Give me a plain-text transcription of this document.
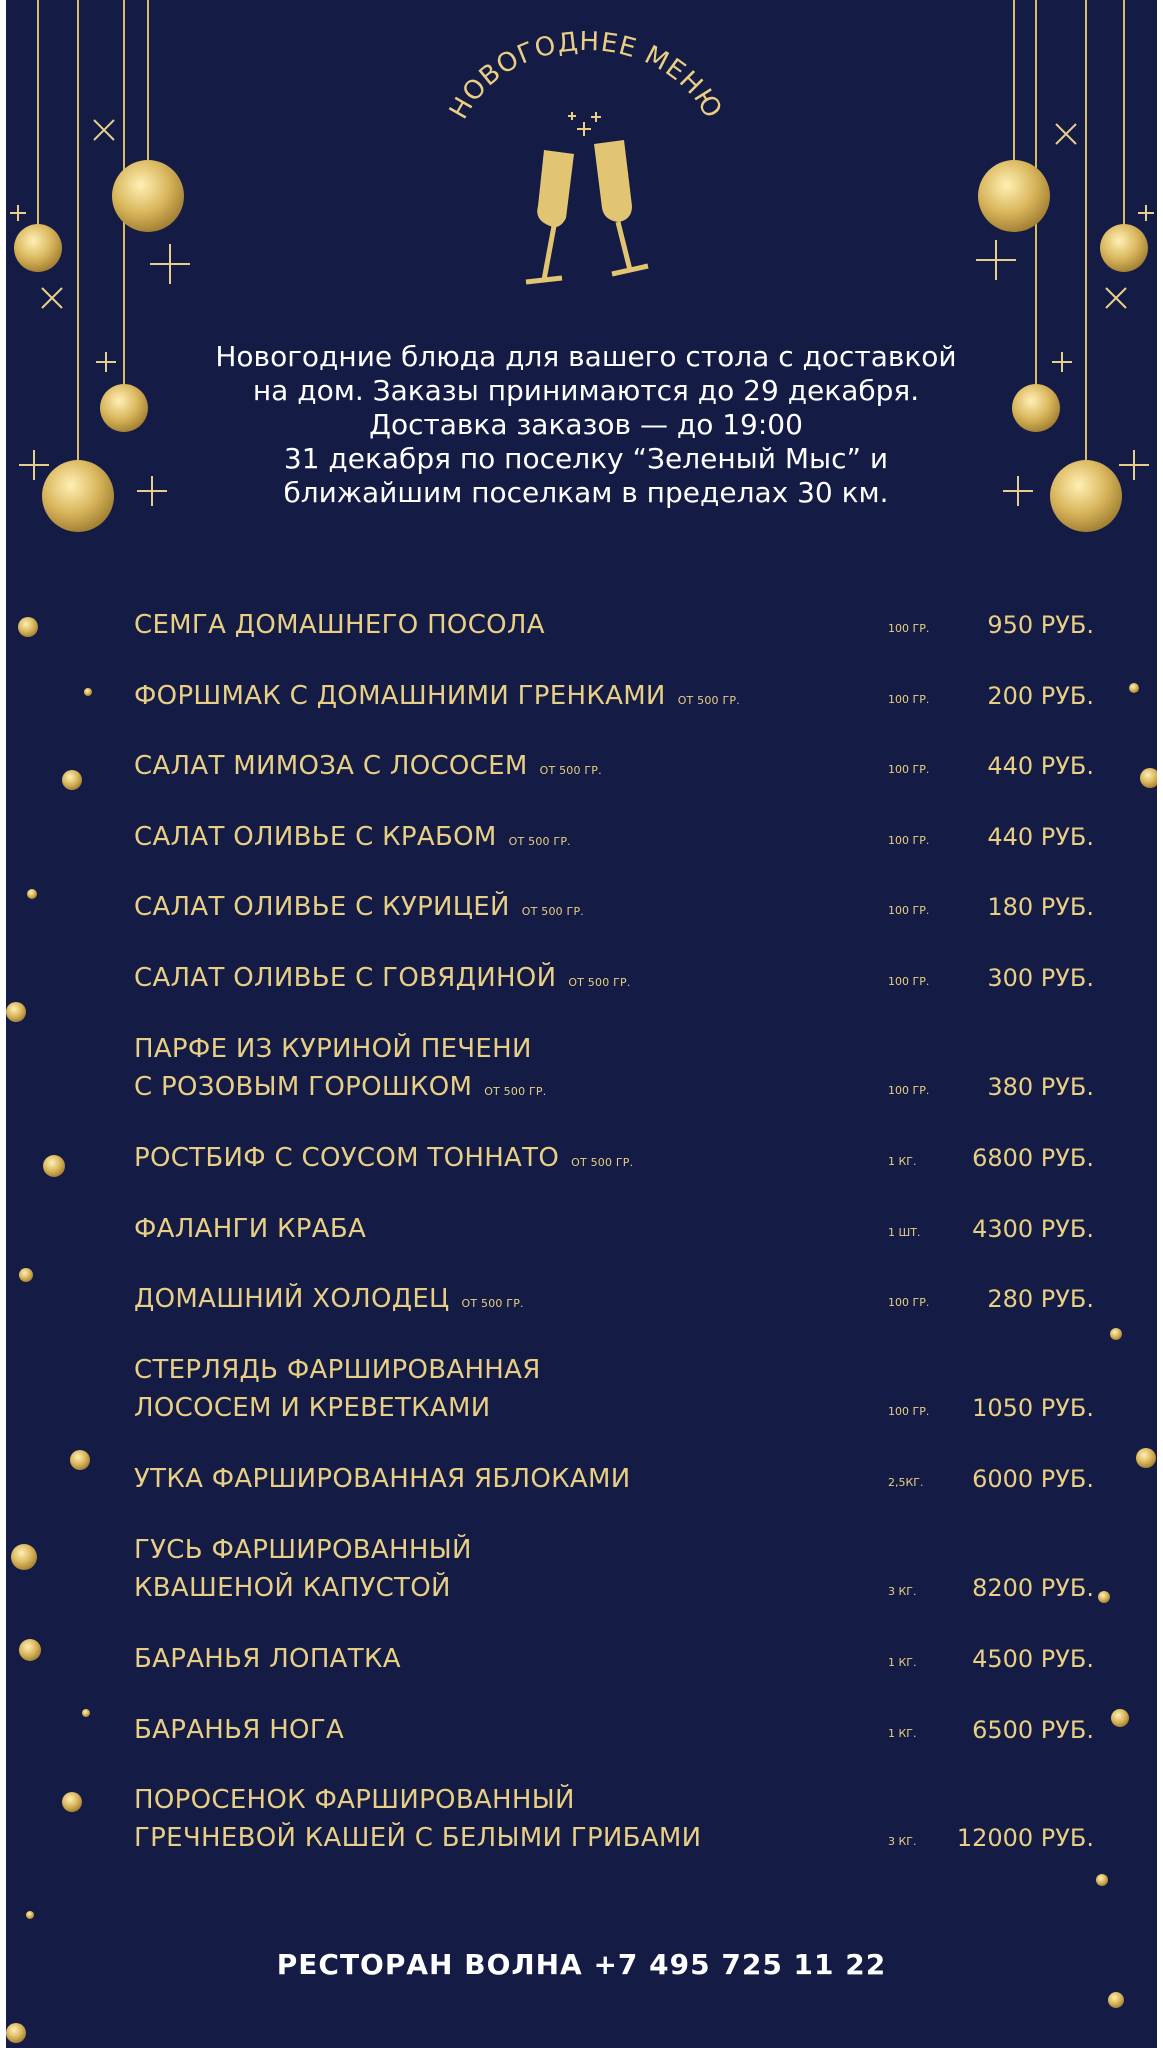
НОВОГОДНЕЕ МЕНЮ
Новогодние блюда для вашего стола с доставкой
на дом. Заказы принимаются до 29 декабря.
Доставка заказов — до 19:00
31 декабря по поселку “Зеленый Мыс” и
ближайшим поселкам в пределах 30 км.
СЕМГА ДОМАШНЕГО ПОСОЛА	100 ГР. 950 РУБ.
ФОРШМАК С ДОМАШНИМИ ГРЕНКАМИ ОТ 500 ГР.	100 ГР. 200 РУБ.
САЛАТ МИМОЗА С ЛОСОСЕМ ОТ 500 ГР.	100 ГР. 440 РУБ.
САЛАТ ОЛИВЬЕ С КРАБОМ ОТ 500 ГР.	100 ГР. 440 РУБ.
САЛАТ ОЛИВЬЕ С КУРИЦЕЙ ОТ 500 ГР.	100 ГР. 180 РУБ.
САЛАТ ОЛИВЬЕ С ГОВЯДИНОЙ ОТ 500 ГР.	100 ГР. 300 РУБ.
ПАРФЕ ИЗ КУРИНОЙ ПЕЧЕНИ
С РОЗОВЫМ ГОРОШКОМ ОТ 500 ГР.	100 ГР. 380 РУБ.
РОСТБИФ С СОУСОМ ТОННАТО ОТ 500 ГР.	1 КГ. 6800 РУБ.
ФАЛАНГИ КРАБА	1 ШТ. 4300 РУБ.
ДОМАШНИЙ ХОЛОДЕЦ ОТ 500 ГР.	100 ГР. 280 РУБ.
СТЕРЛЯДЬ ФАРШИРОВАННАЯ
ЛОСОСЕМ И КРЕВЕТКАМИ	100 ГР. 1050 РУБ.
УТКА ФАРШИРОВАННАЯ ЯБЛОКАМИ	2,5КГ. 6000 РУБ.
ГУСЬ ФАРШИРОВАННЫЙ
КВАШЕНОЙ КАПУСТОЙ	3 КГ. 8200 РУБ.
БАРАНЬЯ ЛОПАТКА	1 КГ. 4500 РУБ.
БАРАНЬЯ НОГА	1 КГ. 6500 РУБ.
ПОРОСЕНОК ФАРШИРОВАННЫЙ
ГРЕЧНЕВОЙ КАШЕЙ С БЕЛЫМИ ГРИБАМИ	3 КГ. 12000 РУБ.
РЕСТОРАН ВОЛНА +7 495 725 11 22
